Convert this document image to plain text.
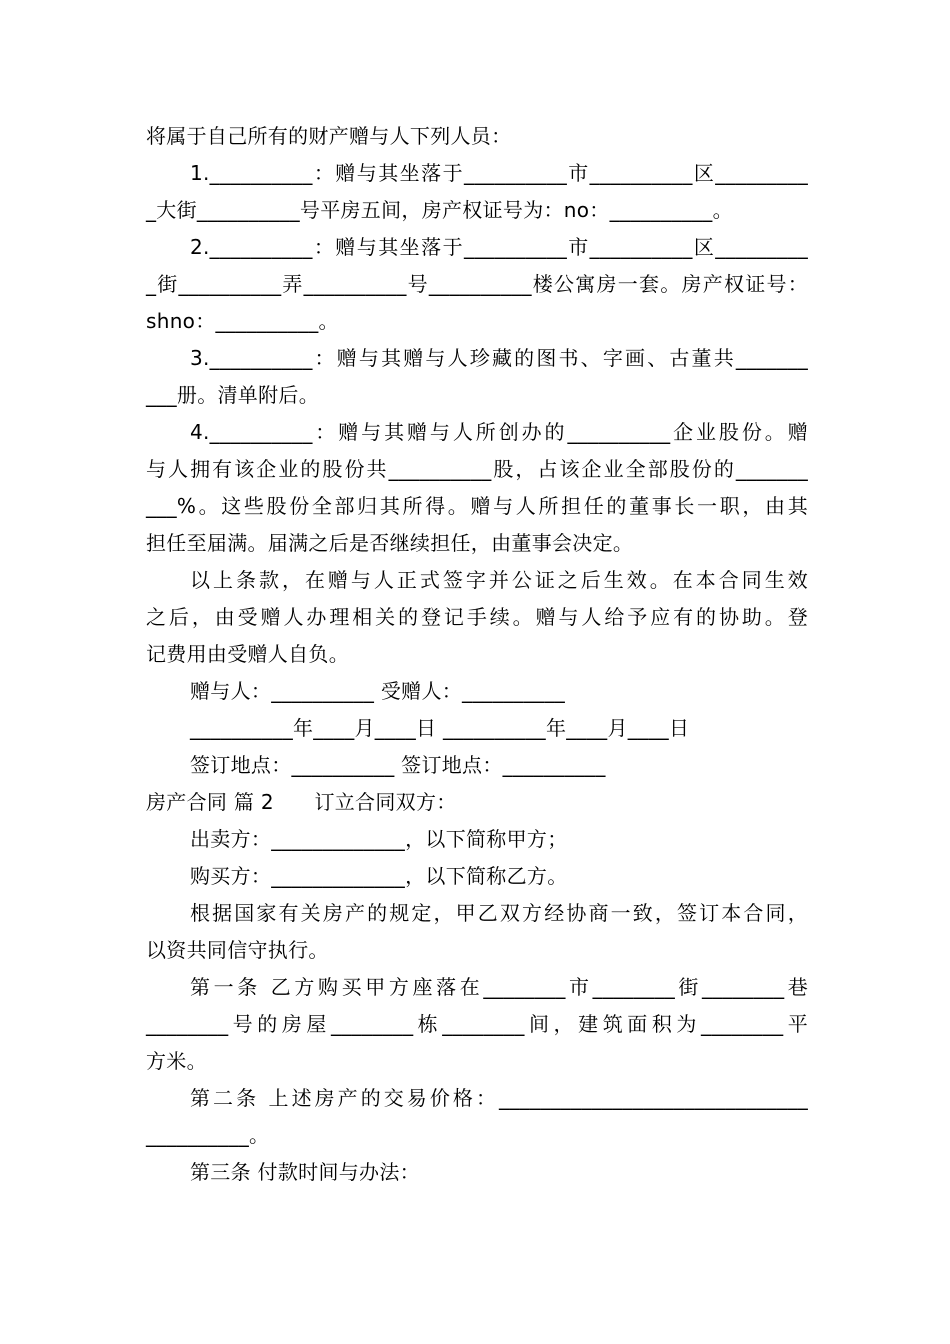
将属于自己所有的财产赠与人下列人员：
1.__________：赠与其坐落于__________市__________区_________
_大街__________号平房五间，房产权证号为：no：__________。
2.__________：赠与其坐落于__________市__________区_________
_街__________弄__________号__________楼公寓房一套。房产权证号：
shno：__________。
3.__________：赠与其赠与人珍藏的图书、字画、古董共_______
___册。清单附后。
4.__________：赠与其赠与人所创办的__________企业股份。赠
与人拥有该企业的股份共__________股，占该企业全部股份的_______
___%。这些股份全部归其所得。赠与人所担任的董事长一职，由其
担任至届满。届满之后是否继续担任，由董事会决定。
以上条款，在赠与人正式签字并公证之后生效。在本合同生效
之后，由受赠人办理相关的登记手续。赠与人给予应有的协助。登
记费用由受赠人自负。
赠与人：__________ 受赠人：__________
__________年____月____日 __________年____月____日
签订地点：__________ 签订地点：__________
房产合同 篇 2　　订立合同双方：
出卖方：_____________，以下简称甲方；
购买方：_____________，以下简称乙方。
根据国家有关房产的规定，甲乙双方经协商一致，签订本合同，
以资共同信守执行。
第一条 乙方购买甲方座落在________市________街________巷
________号的房屋________栋________间，建筑面积为________平
方米。
第二条 上述房产的交易价格：______________________________
__________。
第三条 付款时间与办法：
